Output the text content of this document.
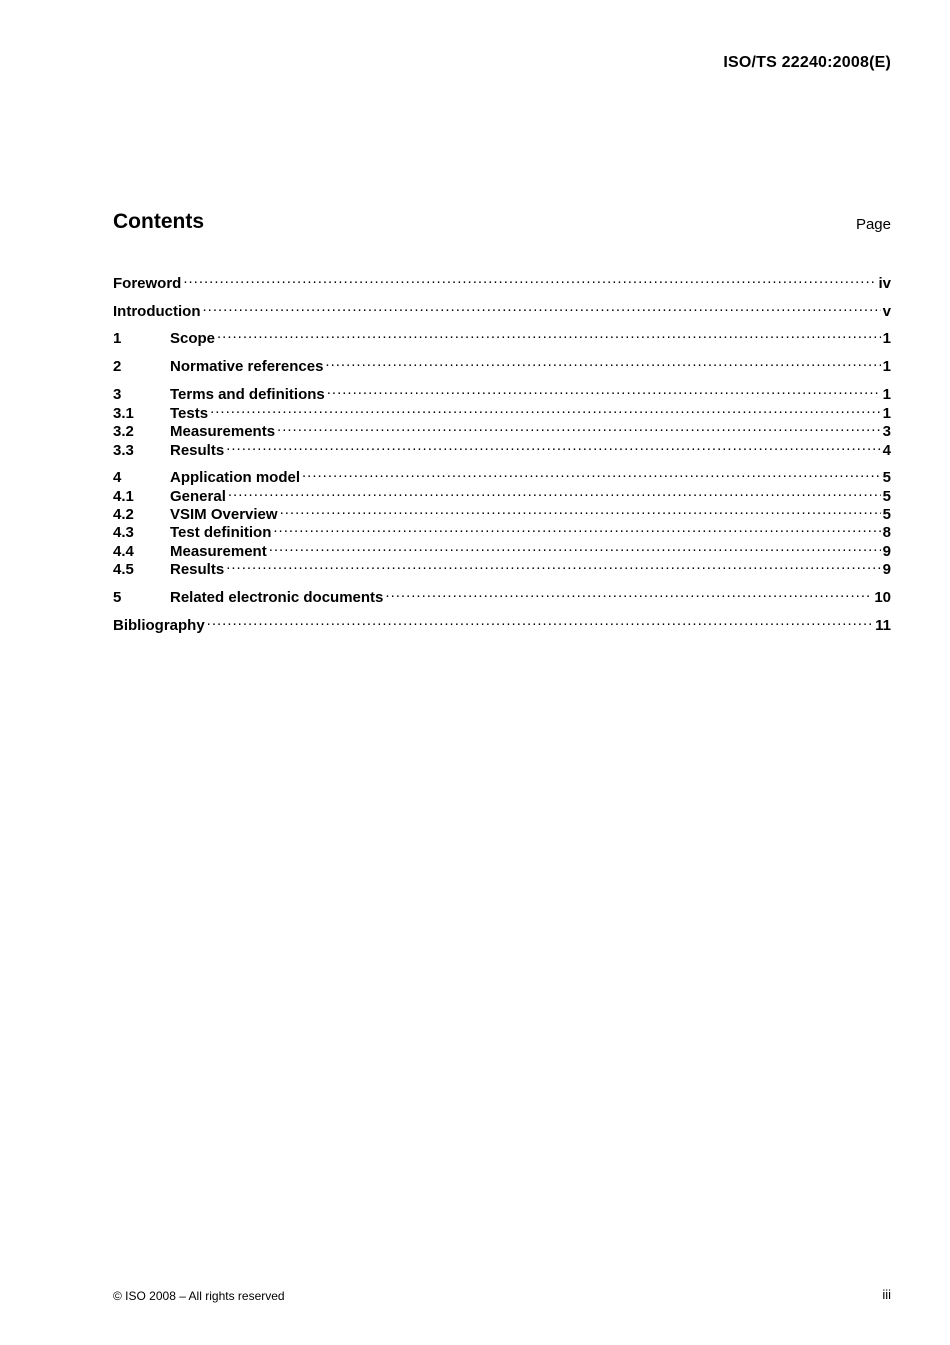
ISO/TS 22240:2008(E)
Contents	Page
Foreword .....	iv
Introduction .....	v
1	Scope .....	1
2	Normative references .....	1
3	Terms and definitions .....	1
3.1	Tests .....	1
3.2	Measurements .....	3
3.3	Results .....	4
4	Application model .....	5
4.1	General .....	5
4.2	VSIM Overview .....	5
4.3	Test definition .....	8
4.4	Measurement .....	9
4.5	Results .....	9
5	Related electronic documents .....	10
Bibliography .....	11
© ISO 2008 – All rights reserved	iii
